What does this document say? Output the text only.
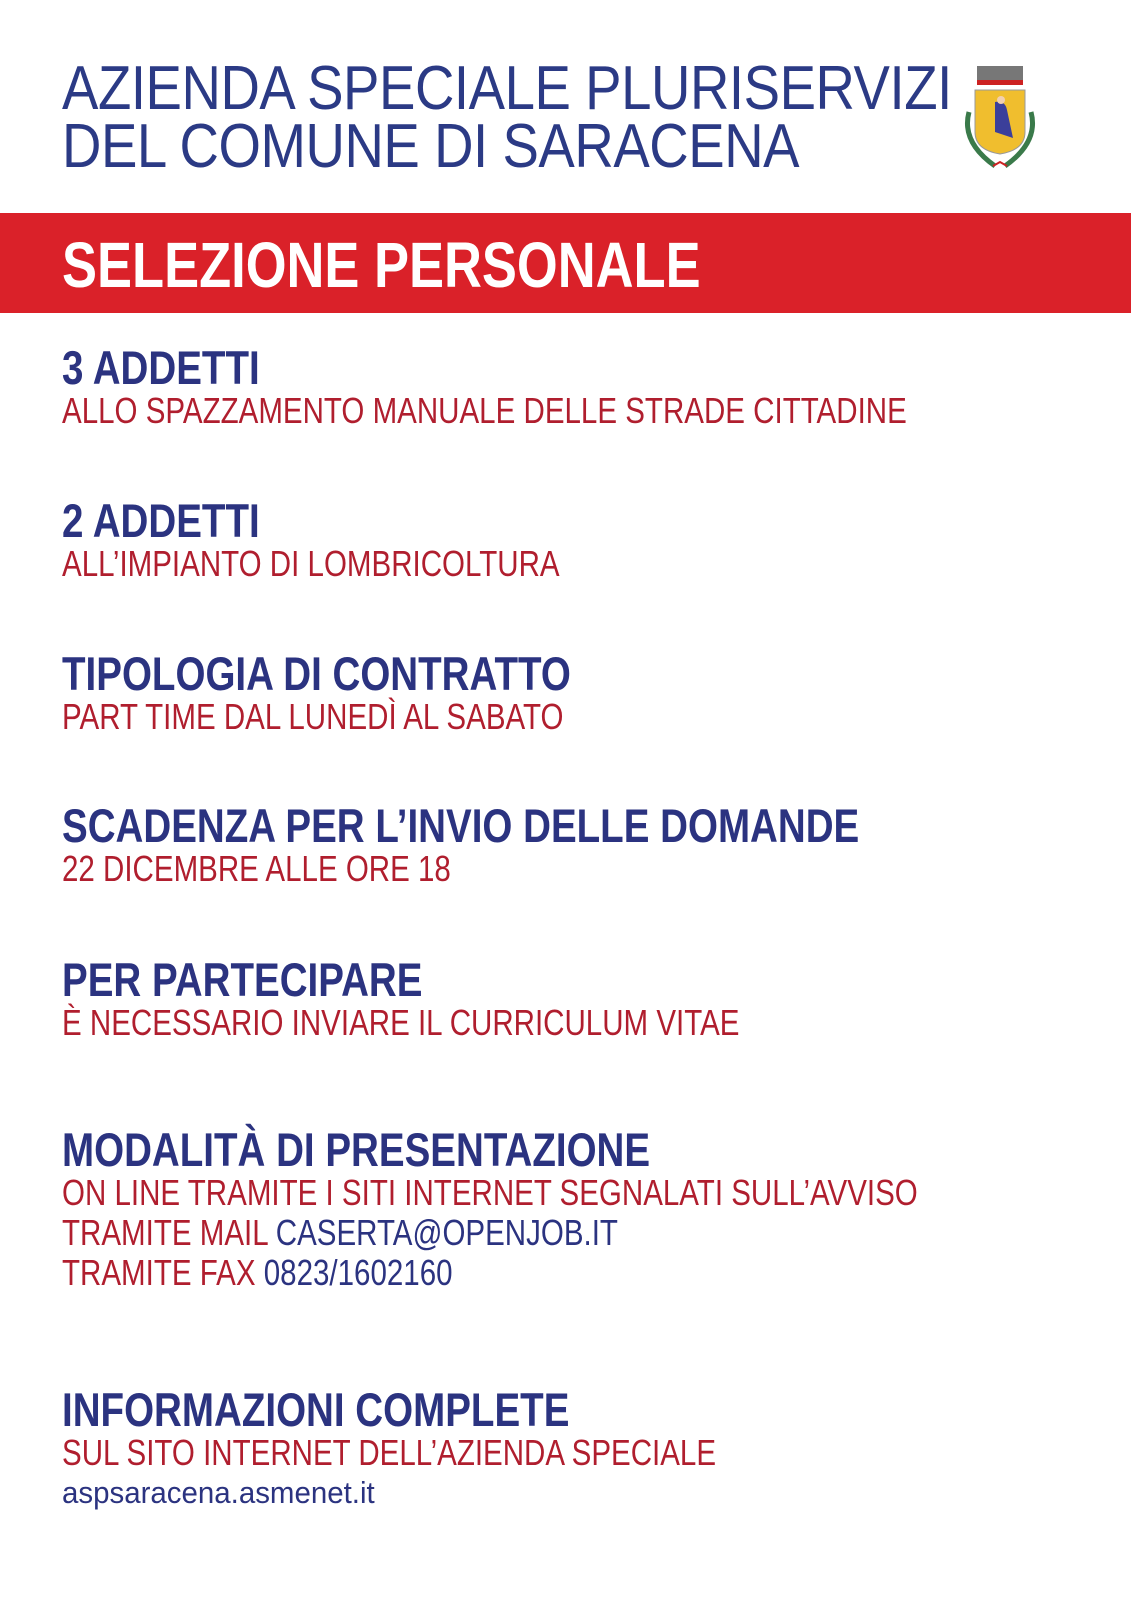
AZIENDA SPECIALE PLURISERVIZI
DEL COMUNE DI SARACENA
SELEZIONE PERSONALE
3 ADDETTI
ALLO SPAZZAMENTO MANUALE DELLE STRADE CITTADINE
2 ADDETTI
ALL’IMPIANTO DI LOMBRICOLTURA
TIPOLOGIA DI CONTRATTO
PART TIME DAL LUNEDÌ AL SABATO
SCADENZA PER L’INVIO DELLE DOMANDE
22 DICEMBRE ALLE ORE 18
PER PARTECIPARE
È NECESSARIO INVIARE IL CURRICULUM VITAE
MODALITÀ DI PRESENTAZIONE
ON LINE TRAMITE I SITI INTERNET SEGNALATI SULL’AVVISO
TRAMITE MAIL CASERTA@OPENJOB.IT
TRAMITE FAX 0823/1602160
INFORMAZIONI COMPLETE
SUL SITO INTERNET DELL’AZIENDA SPECIALE
aspsaracena.asmenet.it
